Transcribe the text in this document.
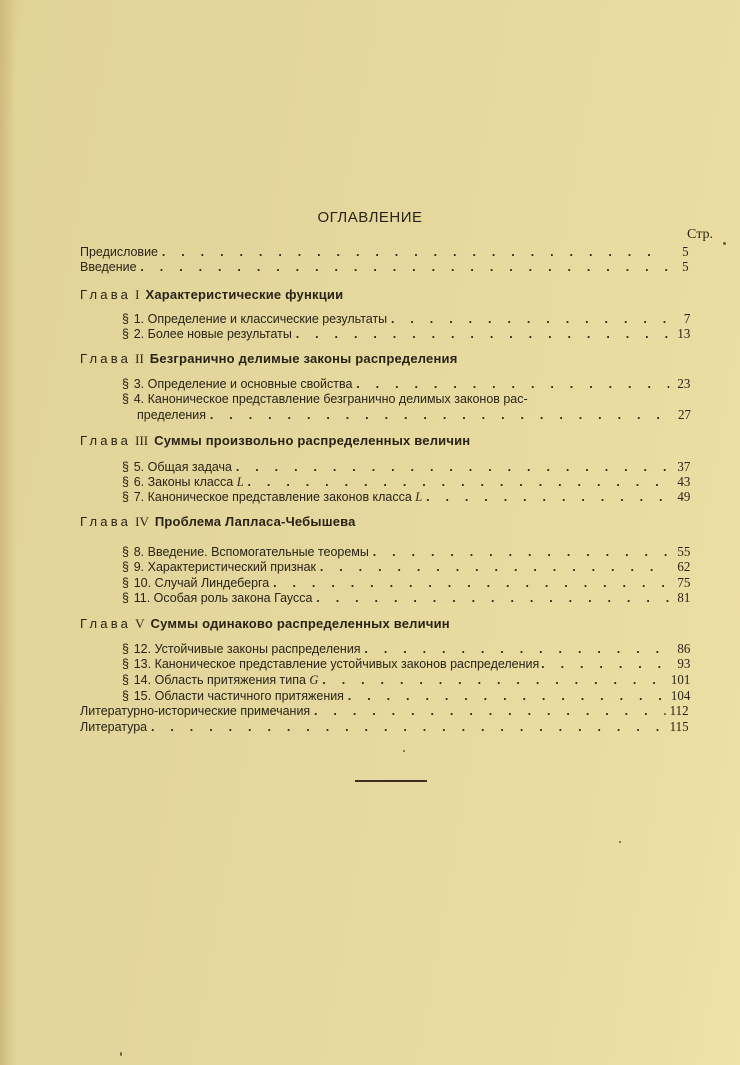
ОГЛАВЛЕНИЕ
Стр.
Предисловие . . .	5
Введение . . .	5
Глава I Характеристические функции
§ 1. Определение и классические результаты . . .	7
§ 2. Более новые результаты . . .	13
Глава II Безгранично делимые законы распределения
§ 3. Определение и основные свойства . . .	23
§ 4. Каноническое представление безгранично делимых законов рас-
пределения . . .	27
Глава III Суммы произвольно распределенных величин
§ 5. Общая задача . . .	37
§ 6. Законы класса L . . .	43
§ 7. Каноническое представление законов класса L . . .	49
Глава IV Проблема Лапласа-Чебышева
§ 8. Введение. Вспомогательные теоремы . . .	55
§ 9. Характеристический признак . . .	62
§ 10. Случай Линдеберга . . .	75
§ 11. Особая роль закона Гаусса . . .	81
Глава V Суммы одинаково распределенных величин
§ 12. Устойчивые законы распределения . . .	86
§ 13. Каноническое представление устойчивых законов распределения . . .	93
§ 14. Область притяжения типа G . . .	101
§ 15. Области частичного притяжения . . .	104
Литературно-исторические примечания . . .	112
Литература . . .	115
